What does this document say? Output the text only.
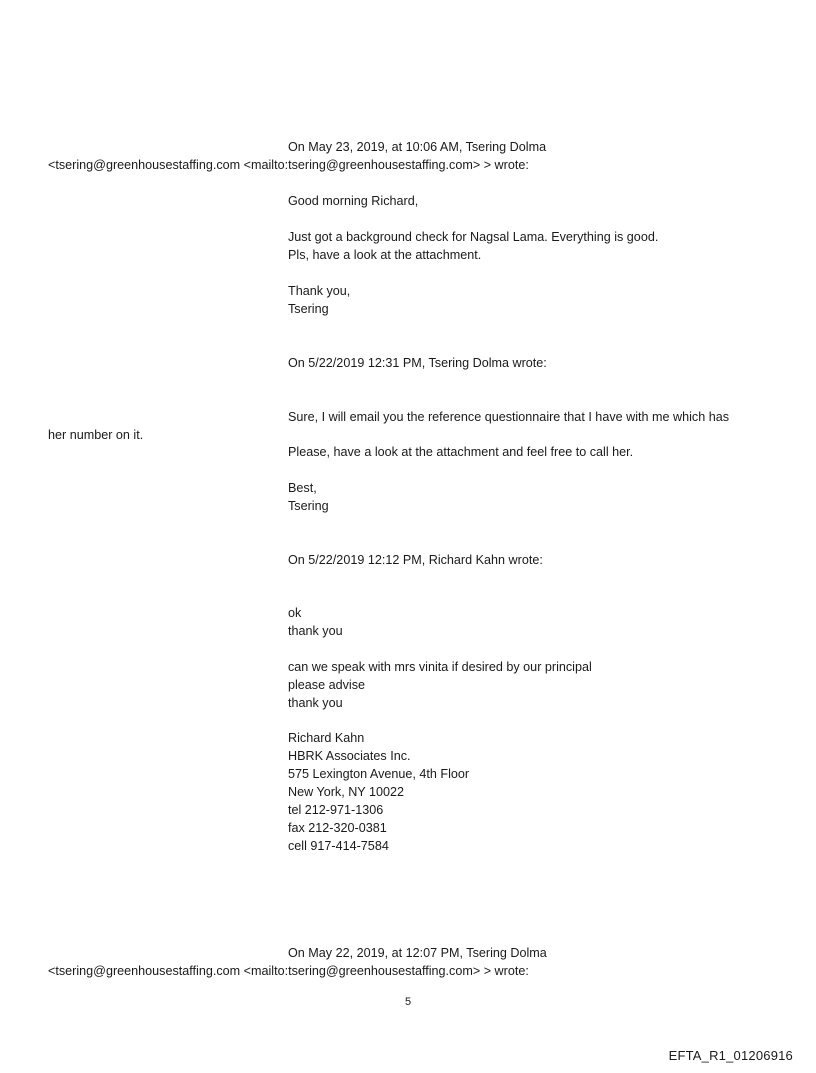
On May 23, 2019, at 10:06 AM, Tsering Dolma
<tsering@greenhousestaffing.com <mailto:tsering@greenhousestaffing.com> > wrote:
Good morning Richard,
Just got a background check for Nagsal Lama. Everything is good.
Pls, have a look at the attachment.
Thank you,
Tsering
On 5/22/2019 12:31 PM, Tsering Dolma wrote:
Sure, I will email you the reference questionnaire that I have with me which has
her number on it.
Please, have a look at the attachment and feel free to call her.
Best,
Tsering
On 5/22/2019 12:12 PM, Richard Kahn wrote:
ok
thank you
can we speak with mrs vinita if desired by our principal
please advise
thank you
Richard Kahn
HBRK Associates Inc.
575 Lexington Avenue, 4th Floor
New York, NY 10022
tel 212-971-1306
fax 212-320-0381
cell 917-414-7584
On May 22, 2019, at 12:07 PM, Tsering Dolma
<tsering@greenhousestaffing.com <mailto:tsering@greenhousestaffing.com> > wrote:
5
EFTA_R1_01206916
